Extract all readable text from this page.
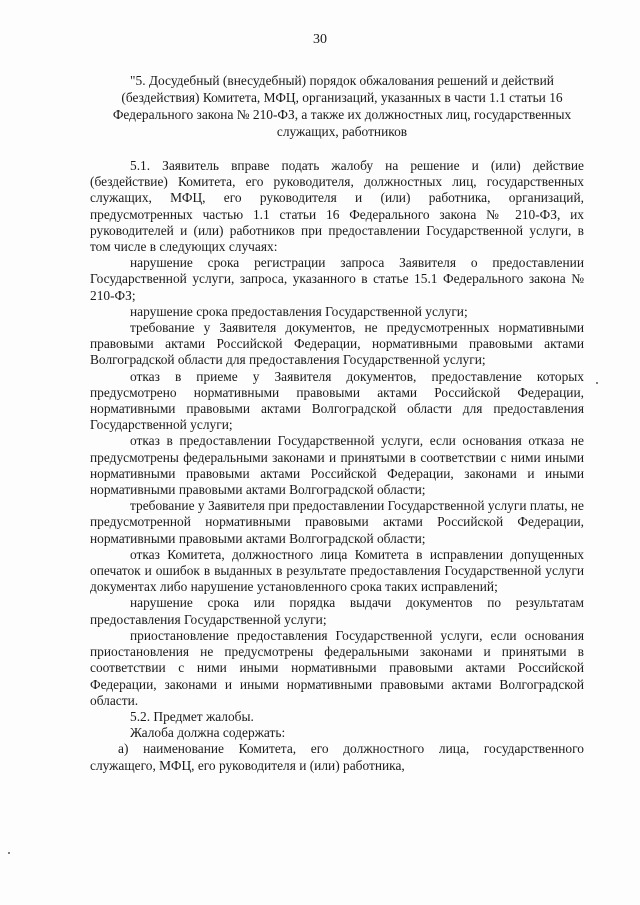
30
"5. Досудебный (внесудебный) порядок обжалования решений и действий (бездействия) Комитета, МФЦ, организаций, указанных в части 1.1 статьи 16 Федерального закона № 210-ФЗ, а также их должностных лиц, государственных служащих, работников

5.1. Заявитель вправе подать жалобу на решение и (или) действие (бездействие) Комитета, его руководителя, должностных лиц, государственных служащих, МФЦ, его руководителя и (или) работника, организаций, предусмотренных частью 1.1 статьи 16 Федерального закона № 210-ФЗ, их руководителей и (или) работников при предоставлении Государственной услуги, в том числе в следующих случаях:

нарушение срока регистрации запроса Заявителя о предоставлении Государственной услуги, запроса, указанного в статье 15.1 Федерального закона № 210-ФЗ;

нарушение срока предоставления Государственной услуги;

требование у Заявителя документов, не предусмотренных нормативными правовыми актами Российской Федерации, нормативными правовыми актами Волгоградской области для предоставления Государственной услуги;

отказ в приеме у Заявителя документов, предоставление которых предусмотрено нормативными правовыми актами Российской Федерации, нормативными правовыми актами Волгоградской области для предоставления Государственной услуги;

отказ в предоставлении Государственной услуги, если основания отказа не предусмотрены федеральными законами и принятыми в соответствии с ними иными нормативными правовыми актами Российской Федерации, законами и иными нормативными правовыми актами Волгоградской области;

требование у Заявителя при предоставлении Государственной услуги платы, не предусмотренной нормативными правовыми актами Российской Федерации, нормативными правовыми актами Волгоградской области;

отказ Комитета, должностного лица Комитета в исправлении допущенных опечаток и ошибок в выданных в результате предоставления Государственной услуги документах либо нарушение установленного срока таких исправлений;

нарушение срока или порядка выдачи документов по результатам предоставления Государственной услуги;

приостановление предоставления Государственной услуги, если основания приостановления не предусмотрены федеральными законами и принятыми в соответствии с ними иными нормативными правовыми актами Российской Федерации, законами и иными нормативными правовыми актами Волгоградской области.

5.2. Предмет жалобы.

Жалоба должна содержать:

а) наименование Комитета, его должностного лица, государственного служащего, МФЦ, его руководителя и (или) работника,
